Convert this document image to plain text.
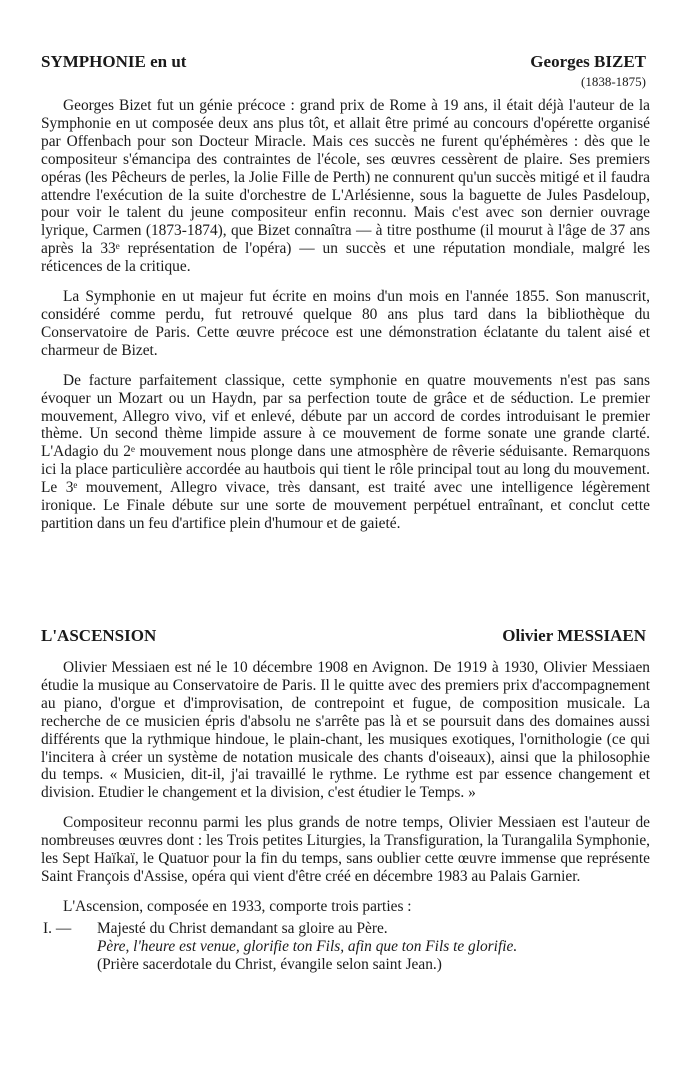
SYMPHONIE en ut	Georges BIZET
(1838-1875)

Georges Bizet fut un génie précoce : grand prix de Rome à 19 ans, il était déjà l'auteur de la Symphonie en ut composée deux ans plus tôt, et allait être primé au concours d'opérette organisé par Offenbach pour son Docteur Miracle. Mais ces succès ne furent qu'éphémères : dès que le compositeur s'émancipa des contraintes de l'école, ses œuvres cessèrent de plaire. Ses premiers opéras (les Pêcheurs de perles, la Jolie Fille de Perth) ne connurent qu'un succès mitigé et il faudra attendre l'exécution de la suite d'orchestre de L'Arlésienne, sous la baguette de Jules Pasdeloup, pour voir le talent du jeune compositeur enfin reconnu. Mais c'est avec son dernier ouvrage lyrique, Carmen (1873-1874), que Bizet connaîtra — à titre posthume (il mourut à l'âge de 37 ans après la 33ᵉ représentation de l'opéra) — un succès et une réputation mondiale, malgré les réticences de la critique.

La Symphonie en ut majeur fut écrite en moins d'un mois en l'année 1855. Son manuscrit, considéré comme perdu, fut retrouvé quelque 80 ans plus tard dans la bibliothèque du Conservatoire de Paris. Cette œuvre précoce est une démonstration éclatante du talent aisé et charmeur de Bizet.

De facture parfaitement classique, cette symphonie en quatre mouvements n'est pas sans évoquer un Mozart ou un Haydn, par sa perfection toute de grâce et de séduction. Le premier mouvement, Allegro vivo, vif et enlevé, débute par un accord de cordes introduisant le premier thème. Un second thème limpide assure à ce mouvement de forme sonate une grande clarté. L'Adagio du 2ᵉ mouvement nous plonge dans une atmosphère de rêverie séduisante. Remarquons ici la place particulière accordée au hautbois qui tient le rôle principal tout au long du mouvement. Le 3ᵉ mouvement, Allegro vivace, très dansant, est traité avec une intelligence légèrement ironique. Le Finale débute sur une sorte de mouvement perpétuel entraînant, et conclut cette partition dans un feu d'artifice plein d'humour et de gaieté.

L'ASCENSION	Olivier MESSIAEN

Olivier Messiaen est né le 10 décembre 1908 en Avignon. De 1919 à 1930, Olivier Messiaen étudie la musique au Conservatoire de Paris. Il le quitte avec des premiers prix d'accompagnement au piano, d'orgue et d'improvisation, de contrepoint et fugue, de composition musicale. La recherche de ce musicien épris d'absolu ne s'arrête pas là et se poursuit dans des domaines aussi différents que la rythmique hindoue, le plain-chant, les musiques exotiques, l'ornithologie (ce qui l'incitera à créer un système de notation musicale des chants d'oiseaux), ainsi que la philosophie du temps. « Musicien, dit-il, j'ai travaillé le rythme. Le rythme est par essence changement et division. Etudier le changement et la division, c'est étudier le Temps. »

Compositeur reconnu parmi les plus grands de notre temps, Olivier Messiaen est l'auteur de nombreuses œuvres dont : les Trois petites Liturgies, la Transfiguration, la Turangalila Symphonie, les Sept Haïkaï, le Quatuor pour la fin du temps, sans oublier cette œuvre immense que représente Saint François d'Assise, opéra qui vient d'être créé en décembre 1983 au Palais Garnier.

L'Ascension, composée en 1933, comporte trois parties :

I. — Majesté du Christ demandant sa gloire au Père.
Père, l'heure est venue, glorifie ton Fils, afin que ton Fils te glorifie.
(Prière sacerdotale du Christ, évangile selon saint Jean.)
